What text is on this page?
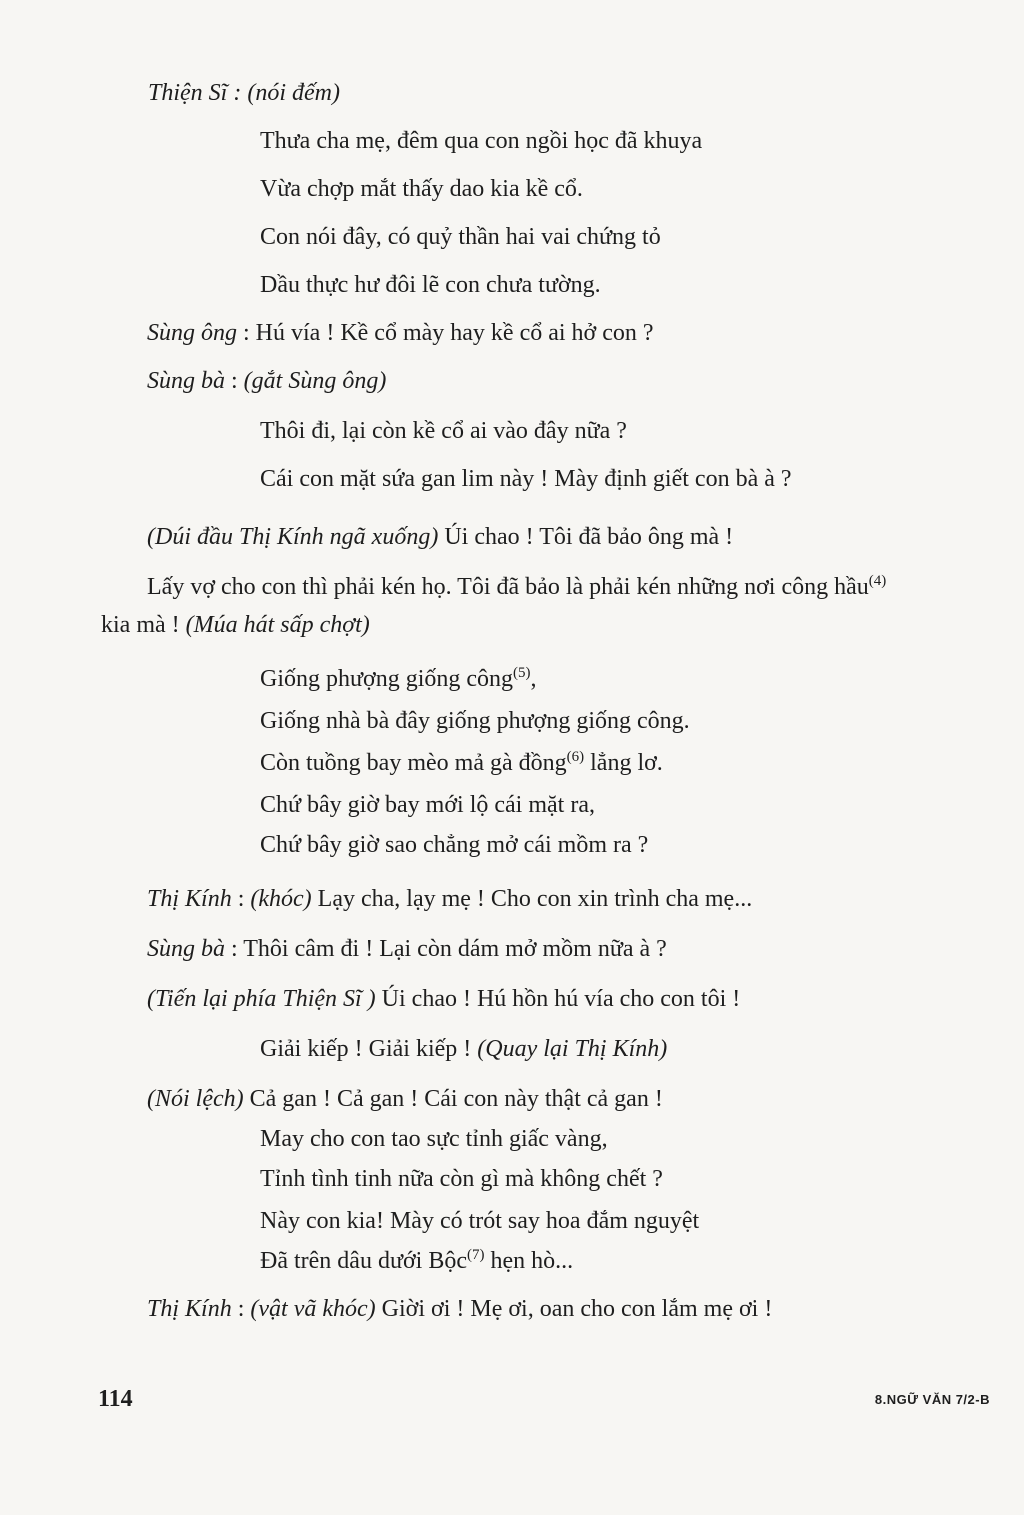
Thiện Sĩ : (nói đếm)
Thưa cha mẹ, đêm qua con ngồi học đã khuya
Vừa chợp mắt thấy dao kia kề cổ.
Con nói đây, có quỷ thần hai vai chứng tỏ
Dầu thực hư đôi lẽ con chưa tường.
Sùng ông : Hú vía ! Kề cổ mày hay kề cổ ai hở con ?
Sùng bà : (gắt Sùng ông)
Thôi đi, lại còn kề cổ ai vào đây nữa ?
Cái con mặt sứa gan lim này ! Mày định giết con bà à ?
(Dúi đầu Thị Kính ngã xuống) Úi chao ! Tôi đã bảo ông mà !
Lấy vợ cho con thì phải kén họ. Tôi đã bảo là phải kén những nơi công hầu$^{(4)}$
kia mà ! (Múa hát sấp chợt)
Giống phượng giống công$^{(5)}$,
Giống nhà bà đây giống phượng giống công.
Còn tuồng bay mèo mả gà đồng$^{(6)}$ lẳng lơ.
Chứ bây giờ bay mới lộ cái mặt ra,
Chứ bây giờ sao chẳng mở cái mồm ra ?
Thị Kính : (khóc) Lạy cha, lạy mẹ ! Cho con xin trình cha mẹ...
Sùng bà : Thôi câm đi ! Lại còn dám mở mồm nữa à ?
(Tiến lại phía Thiện Sĩ ) Úi chao ! Hú hồn hú vía cho con tôi !
Giải kiếp ! Giải kiếp ! (Quay lại Thị Kính)
(Nói lệch) Cả gan ! Cả gan ! Cái con này thật cả gan !
May cho con tao sực tỉnh giấc vàng,
Tỉnh tình tinh nữa còn gì mà không chết ?
Này con kia! Mày có trót say hoa đắm nguyệt
Đã trên dâu dưới Bộc$^{(7)}$ hẹn hò...
Thị Kính : (vật vã khóc) Giời ơi ! Mẹ ơi, oan cho con lắm mẹ ơi !
114	8.NGỮ VĂN 7/2-B
